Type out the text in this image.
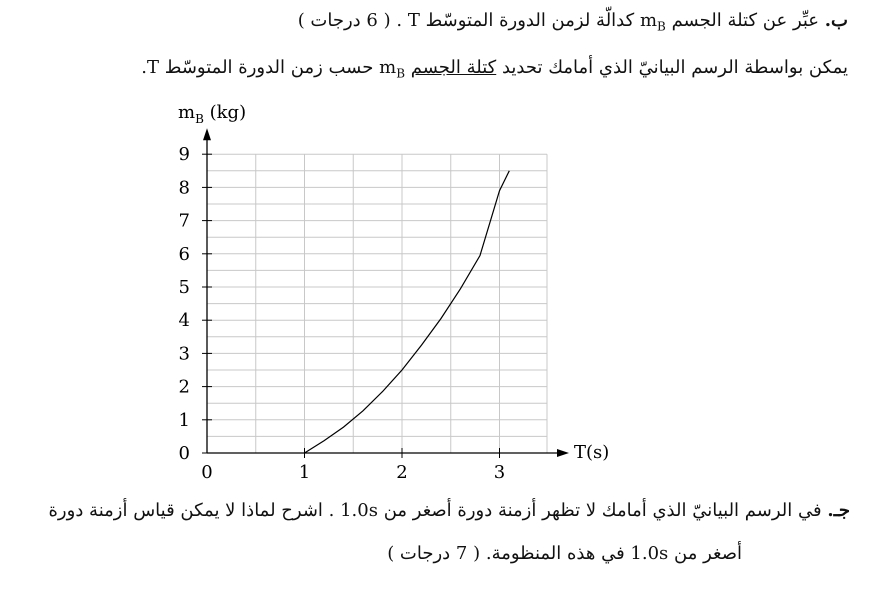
ب. عبِّر عن كتلة الجسم $m_B$ كدالّة لزمن الدورة المتوسّط T . ( 6 درجات )
يمكن بواسطة الرسم البيانيّ الذي أمامك تحديد كتلة الجسم $m_B$ حسب زمن الدورة المتوسّط T.
0
1
2
3
4
5
6
7
8
9
0	1	2	3
$m_B$ (kg)
T(s)
جـ. في الرسم البيانيّ الذي أمامك لا تظهر أزمنة دورة أصغر من 1.0s . اشرح لماذا لا يمكن قياس أزمنة دورة
أصغر من 1.0s في هذه المنظومة. ( 7 درجات )
